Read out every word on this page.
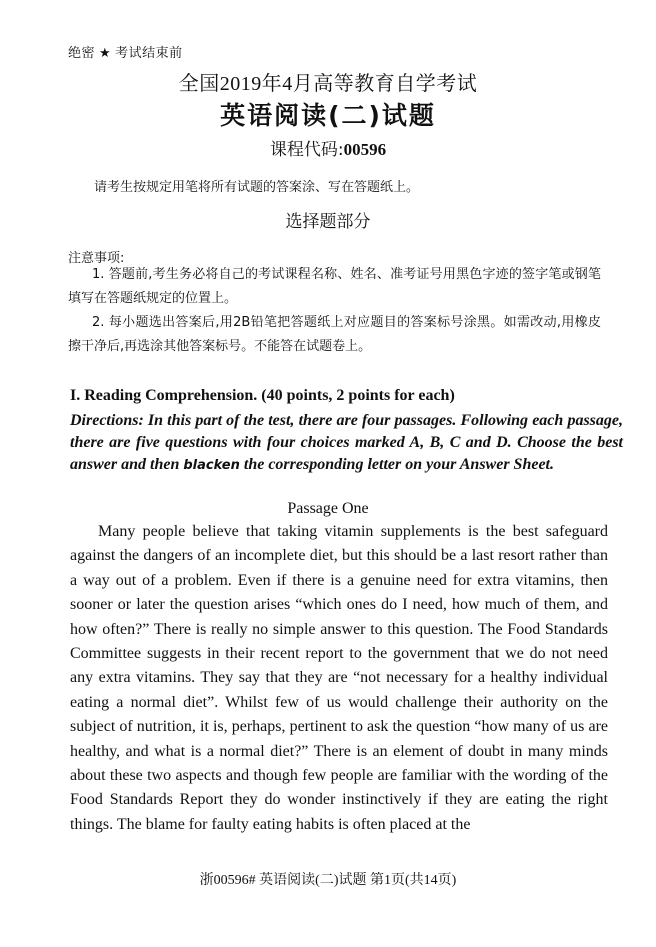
绝密 ★ 考试结束前
全国2019年4月高等教育自学考试
英语阅读(二)试题
课程代码:00596
请考生按规定用笔将所有试题的答案涂、写在答题纸上。
选择题部分
注意事项:
1. 答题前,考生务必将自己的考试课程名称、姓名、准考证号用黑色字迹的签字笔或钢笔填写在答题纸规定的位置上。
2. 每小题选出答案后,用2B铅笔把答题纸上对应题目的答案标号涂黑。如需改动,用橡皮擦干净后,再选涂其他答案标号。不能答在试题卷上。
I. Reading Comprehension. (40 points, 2 points for each)
Directions: In this part of the test, there are four passages. Following each passage, there are five questions with four choices marked A, B, C and D. Choose the best answer and then blacken the corresponding letter on your Answer Sheet.
Passage One
Many people believe that taking vitamin supplements is the best safeguard against the dangers of an incomplete diet, but this should be a last resort rather than a way out of a problem. Even if there is a genuine need for extra vitamins, then sooner or later the question arises “which ones do I need, how much of them, and how often?” There is really no simple answer to this question. The Food Standards Committee suggests in their recent report to the government that we do not need any extra vitamins. They say that they are “not necessary for a healthy individual eating a normal diet”. Whilst few of us would challenge their authority on the subject of nutrition, it is, perhaps, pertinent to ask the question “how many of us are healthy, and what is a normal diet?” There is an element of doubt in many minds about these two aspects and though few people are familiar with the wording of the Food Standards Report they do wonder instinctively if they are eating the right things. The blame for faulty eating habits is often placed at the
浙00596# 英语阅读(二)试题 第1页(共14页)
